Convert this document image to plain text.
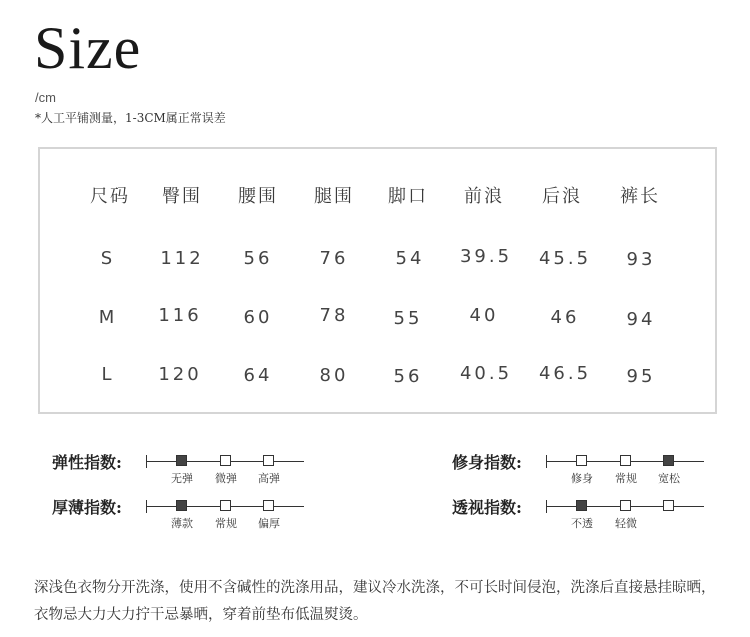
Size
/cm
*人工平铺测量，1-3CM属正常误差
尺码 臀围 腰围 腿围 脚口 前浪 后浪 裤长
S	112 56	76	54 39.5 45.5 93
M 116 60	78	55	40	46	94
L 120 64	80	56 40.5 46.5 95
弹性指数:
无弹 微弹 高弹
厚薄指数:
薄款 常规 偏厚
修身指数:
修身 常规 宽松
透视指数:
不透 轻微

深浅色衣物分开洗涤，使用不含碱性的洗涤用品，建议冷水洗涤，不可长时间侵泡，洗涤后直接悬挂晾晒，衣物忌大力大力拧干忌暴晒，穿着前垫布低温熨烫。
